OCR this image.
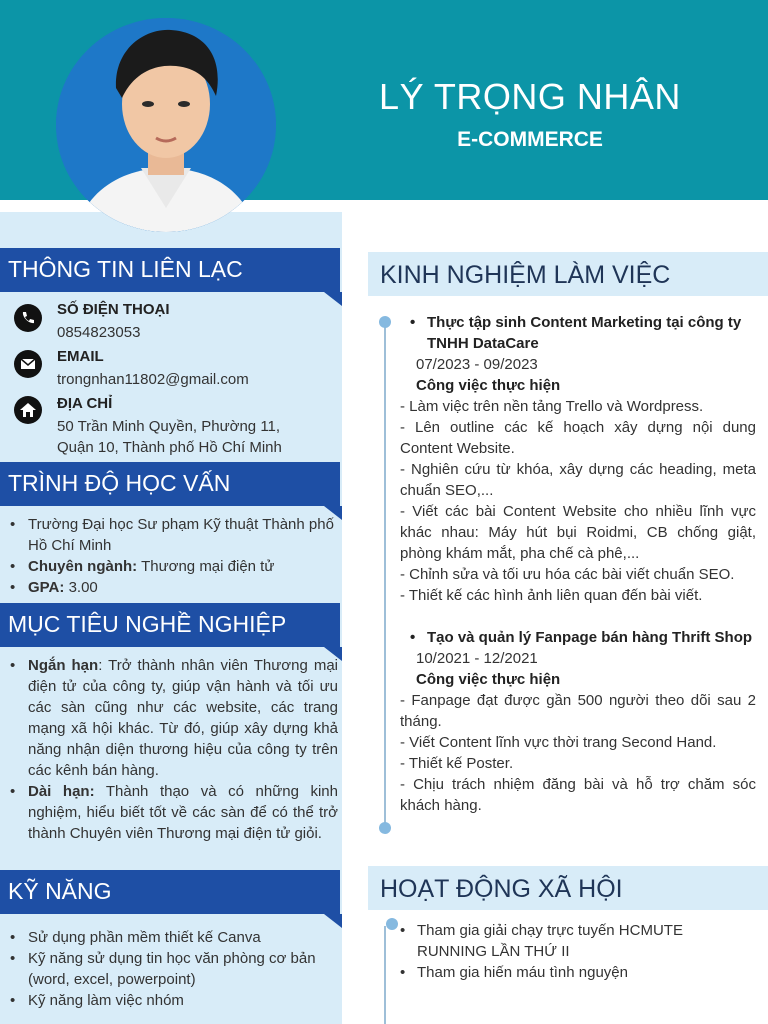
LÝ TRỌNG NHÂN
E-COMMERCE
THÔNG TIN LIÊN LẠC
SỐ ĐIỆN THOẠI
0854823053
EMAIL
trongnhan11802@gmail.com
ĐỊA CHỈ
50 Trần Minh Quyền, Phường 11,
Quận 10, Thành phố Hồ Chí Minh
TRÌNH ĐỘ HỌC VẤN
• Trường Đại học Sư phạm Kỹ thuật Thành phố Hồ Chí Minh
• Chuyên ngành: Thương mại điện tử
• GPA: 3.00
MỤC TIÊU NGHỀ NGHIỆP
• Ngắn hạn: Trở thành nhân viên Thương mại điện tử của công ty, giúp vận hành và tối ưu các sàn cũng như các website, các trang mạng xã hội khác. Từ đó, giúp xây dựng khả năng nhận diện thương hiệu của công ty trên các kênh bán hàng.
• Dài hạn: Thành thạo và có những kinh nghiệm, hiểu biết tốt về các sàn để có thể trở thành Chuyên viên Thương mại điện tử giỏi.
KỸ NĂNG
• Sử dụng phần mềm thiết kế Canva
• Kỹ năng sử dụng tin học văn phòng cơ bản (word, excel, powerpoint)
• Kỹ năng làm việc nhóm
KINH NGHIỆM LÀM VIỆC
• Thực tập sinh Content Marketing tại công ty TNHH DataCare
07/2023 - 09/2023
Công việc thực hiện
- Làm việc trên nền tảng Trello và Wordpress.
- Lên outline các kế hoạch xây dựng nội dung Content Website.
- Nghiên cứu từ khóa, xây dựng các heading, meta chuẩn SEO,...
- Viết các bài Content Website cho nhiều lĩnh vực khác nhau: Máy hút bụi Roidmi, CB chống giật, phòng khám mắt, pha chế cà phê,...
- Chỉnh sửa và tối ưu hóa các bài viết chuẩn SEO.
- Thiết kế các hình ảnh liên quan đến bài viết.
• Tạo và quản lý Fanpage bán hàng Thrift Shop
10/2021 - 12/2021
Công việc thực hiện
- Fanpage đạt được gần 500 người theo dõi sau 2 tháng.
- Viết Content lĩnh vực thời trang Second Hand.
- Thiết kế Poster.
- Chịu trách nhiệm đăng bài và hỗ trợ chăm sóc khách hàng.
HOẠT ĐỘNG XÃ HỘI
• Tham gia giải chạy trực tuyến HCMUTE RUNNING LẦN THỨ II
• Tham gia hiến máu tình nguyện
